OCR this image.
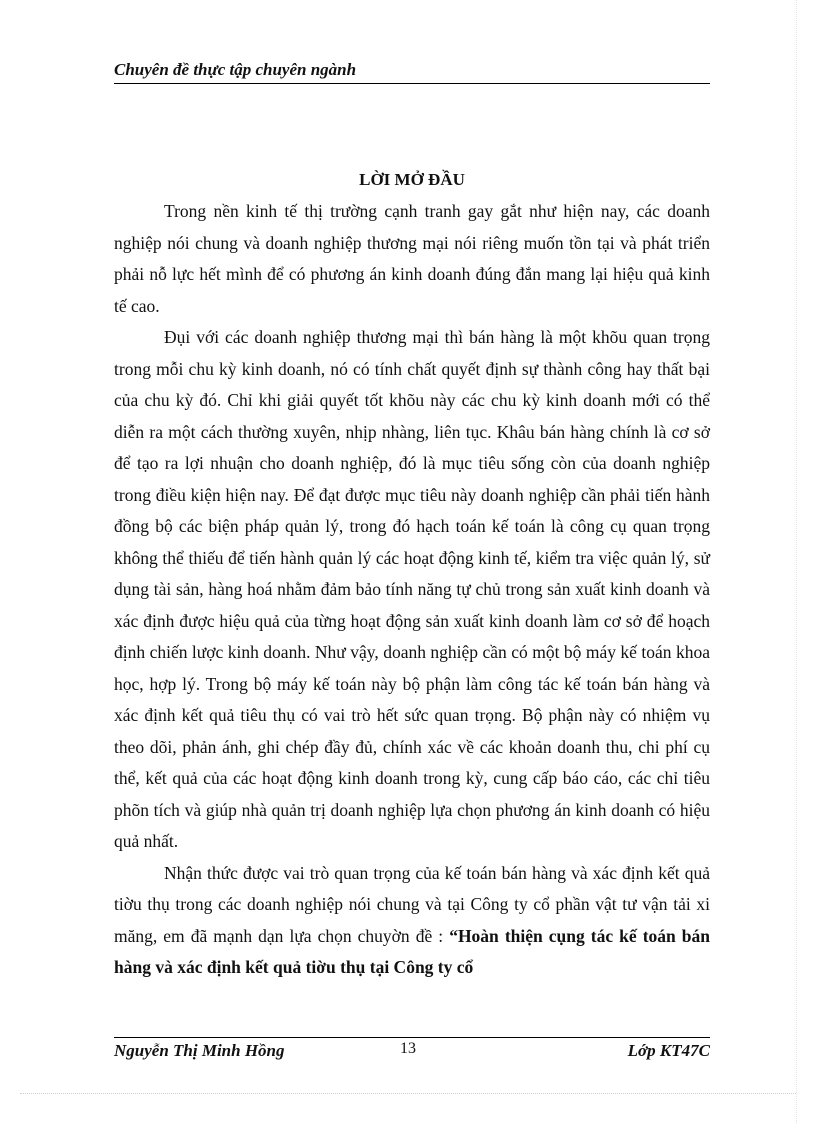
Chuyên đề thực tập chuyên ngành
LỜI MỞ ĐẦU

Trong nền kinh tế thị trường cạnh tranh gay gắt như hiện nay, các doanh nghiệp nói chung và doanh nghiệp thương mại nói riêng muốn tồn tại và phát triển phải nỗ lực hết mình để có phương án kinh doanh đúng đắn mang lại hiệu quả kinh tế cao.

Đụi với các doanh nghiệp thương mại thì bán hàng là một khõu quan trọng trong mỗi chu kỳ kinh doanh, nó có tính chất quyết định sự thành công hay thất bại của chu kỳ đó. Chỉ khi giải quyết tốt khõu này các chu kỳ kinh doanh mới có thể diễn ra một cách thường xuyên, nhịp nhàng, liên tục. Khâu bán hàng chính là cơ sở để tạo ra lợi nhuận cho doanh nghiệp, đó là mục tiêu sống còn của doanh nghiệp trong điều kiện hiện nay. Để đạt được mục tiêu này doanh nghiệp cần phải tiến hành đồng bộ các biện pháp quản lý, trong đó hạch toán kế toán là công cụ quan trọng không thể thiếu để tiến hành quản lý các hoạt động kinh tế, kiểm tra việc quản lý, sử dụng tài sản, hàng hoá nhằm đảm bảo tính năng tự chủ trong sản xuất kinh doanh và xác định được hiệu quả của từng hoạt động sản xuất kinh doanh làm cơ sở để hoạch định chiến lược kinh doanh. Như vậy, doanh nghiệp cần có một bộ máy kế toán khoa học, hợp lý. Trong bộ máy kế toán này bộ phận làm công tác kế toán bán hàng và xác định kết quả tiêu thụ có vai trò hết sức quan trọng. Bộ phận này có nhiệm vụ theo dõi, phản ánh, ghi chép đầy đủ, chính xác về các khoản doanh thu, chi phí cụ thể, kết quả của các hoạt động kinh doanh trong kỳ, cung cấp báo cáo, các chỉ tiêu phõn tích và giúp nhà quản trị doanh nghiệp lựa chọn phương án kinh doanh có hiệu quả nhất.

Nhận thức được vai trò quan trọng của kế toán bán hàng và xác định kết quả tiờu thụ trong các doanh nghiệp nói chung và tại Công ty cổ phần vật tư vận tải xi măng, em đã mạnh dạn lựa chọn chuyờn đề : “Hoàn thiện cụng tác kế toán bán hàng và xác định kết quả tiờu thụ tại Công ty cổ

Nguyễn Thị Minh Hồng	13	Lớp KT47C
